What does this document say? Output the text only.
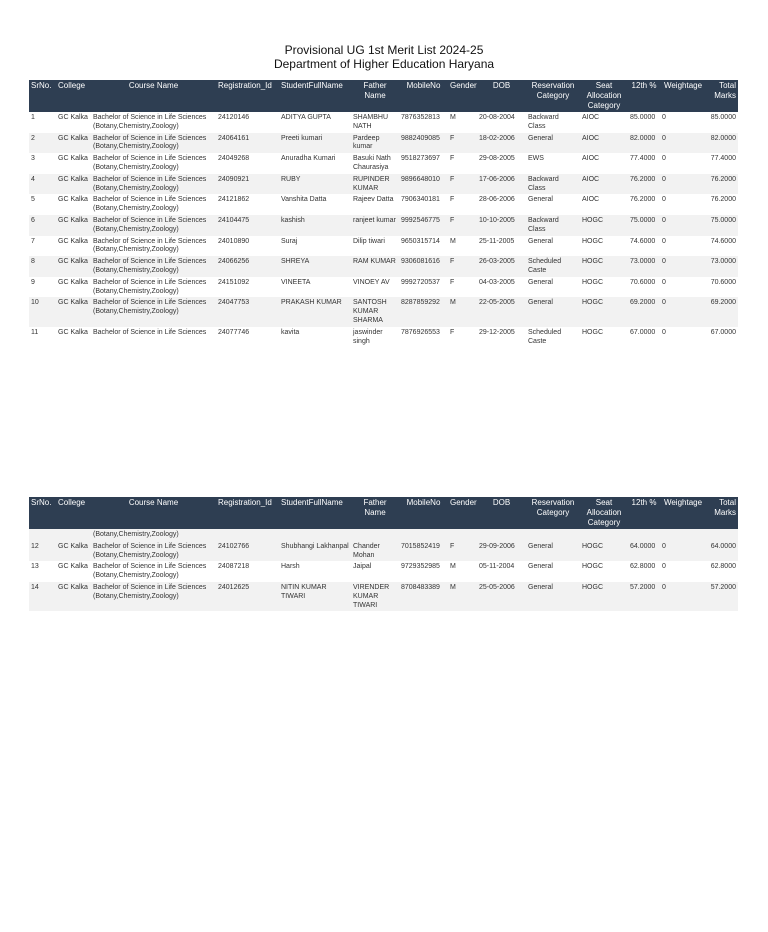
Provisional UG 1st Merit List 2024-25
Department of Higher Education Haryana
SrNo.	College	Course Name	Registration_Id	StudentFullName	Father Name	MobileNo	Gender	DOB	Reservation Category	Seat Allocation Category	12th %	Weightage	Total Marks
1	GC Kalka	Bachelor of Science in Life Sciences (Botany,Chemistry,Zoology)	24120146	ADITYA GUPTA	SHAMBHU NATH	7876352813	M	20-08-2004	Backward Class	AIOC	85.0000	0	85.0000
2	GC Kalka	Bachelor of Science in Life Sciences (Botany,Chemistry,Zoology)	24064161	Preeti kumari	Pardeep kumar	9882409085	F	18-02-2006	General	AIOC	82.0000	0	82.0000
3	GC Kalka	Bachelor of Science in Life Sciences (Botany,Chemistry,Zoology)	24049268	Anuradha Kumari	Basuki Nath Chaurasiya	9518273697	F	29-08-2005	EWS	AIOC	77.4000	0	77.4000
4	GC Kalka	Bachelor of Science in Life Sciences (Botany,Chemistry,Zoology)	24090921	RUBY	RUPINDER KUMAR	9896648010	F	17-06-2006	Backward Class	AIOC	76.2000	0	76.2000
5	GC Kalka	Bachelor of Science in Life Sciences (Botany,Chemistry,Zoology)	24121862	Vanshita Datta	Rajeev Datta	7906340181	F	28-06-2006	General	AIOC	76.2000	0	76.2000
6	GC Kalka	Bachelor of Science in Life Sciences (Botany,Chemistry,Zoology)	24104475	kashish	ranjeet kumar	9992546775	F	10-10-2005	Backward Class	HOGC	75.0000	0	75.0000
7	GC Kalka	Bachelor of Science in Life Sciences (Botany,Chemistry,Zoology)	24010890	Suraj	Dilip tiwari	9650315714	M	25-11-2005	General	HOGC	74.6000	0	74.6000
8	GC Kalka	Bachelor of Science in Life Sciences (Botany,Chemistry,Zoology)	24066256	SHREYA	RAM KUMAR	9306081616	F	26-03-2005	Scheduled Caste	HOGC	73.0000	0	73.0000
9	GC Kalka	Bachelor of Science in Life Sciences (Botany,Chemistry,Zoology)	24151092	VINEETA	VINOEY AV	9992720537	F	04-03-2005	General	HOGC	70.6000	0	70.6000
10	GC Kalka	Bachelor of Science in Life Sciences (Botany,Chemistry,Zoology)	24047753	PRAKASH KUMAR	SANTOSH KUMAR SHARMA	8287859292	M	22-05-2005	General	HOGC	69.2000	0	69.2000
11	GC Kalka	Bachelor of Science in Life Sciences	24077746	kavita	jaswinder singh	7876926553	F	29-12-2005	Scheduled Caste	HOGC	67.0000	0	67.0000
SrNo.	College	Course Name	Registration_Id	StudentFullName	Father Name	MobileNo	Gender	DOB	Reservation Category	Seat Allocation Category	12th %	Weightage	Total Marks
		(Botany,Chemistry,Zoology)											
12	GC Kalka	Bachelor of Science in Life Sciences (Botany,Chemistry,Zoology)	24102766	Shubhangi Lakhanpal	Chander Mohan	7015852419	F	29-09-2006	General	HOGC	64.0000	0	64.0000
13	GC Kalka	Bachelor of Science in Life Sciences (Botany,Chemistry,Zoology)	24087218	Harsh	Jaipal	9729352985	M	05-11-2004	General	HOGC	62.8000	0	62.8000
14	GC Kalka	Bachelor of Science in Life Sciences (Botany,Chemistry,Zoology)	24012625	NITIN KUMAR TIWARI	VIRENDER KUMAR TIWARI	8708483389	M	25-05-2006	General	HOGC	57.2000	0	57.2000
